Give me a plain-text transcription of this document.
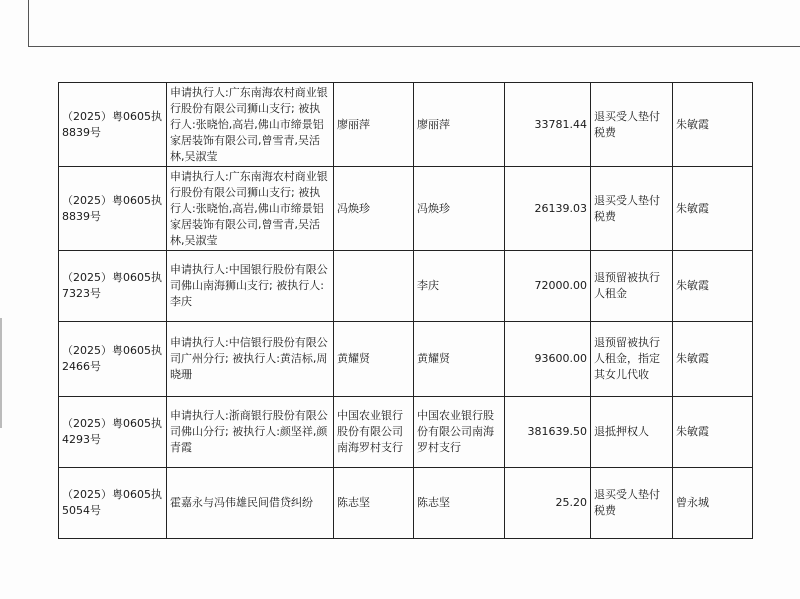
（2025）粤0605执8839号	申请执行人:广东南海农村商业银行股份有限公司狮山支行; 被执行人:张晓怡,高岩,佛山市缔景铝家居装饰有限公司,曾雪青,吴活林,吴淑莹	廖丽萍	廖丽萍	33781.44	退买受人垫付税费	朱敏霞
（2025）粤0605执8839号	申请执行人:广东南海农村商业银行股份有限公司狮山支行; 被执行人:张晓怡,高岩,佛山市缔景铝家居装饰有限公司,曾雪青,吴活林,吴淑莹	冯焕珍	冯焕珍	26139.03	退买受人垫付税费	朱敏霞
（2025）粤0605执7323号	申请执行人:中国银行股份有限公司佛山南海狮山支行; 被执行人:李庆		李庆	72000.00	退预留被执行人租金	朱敏霞
（2025）粤0605执2466号	申请执行人:中信银行股份有限公司广州分行; 被执行人:黄洁标,周晓珊	黄耀贤	黄耀贤	93600.00	退预留被执行人租金，指定其女儿代收	朱敏霞
（2025）粤0605执4293号	申请执行人:浙商银行股份有限公司佛山分行; 被执行人:颜坚祥,颜青霞	中国农业银行股份有限公司南海罗村支行	中国农业银行股份有限公司南海罗村支行	381639.50	退抵押权人	朱敏霞
（2025）粤0605执5054号	霍嘉永与冯伟雄民间借贷纠纷	陈志坚	陈志坚	25.20	退买受人垫付税费	曾永城
